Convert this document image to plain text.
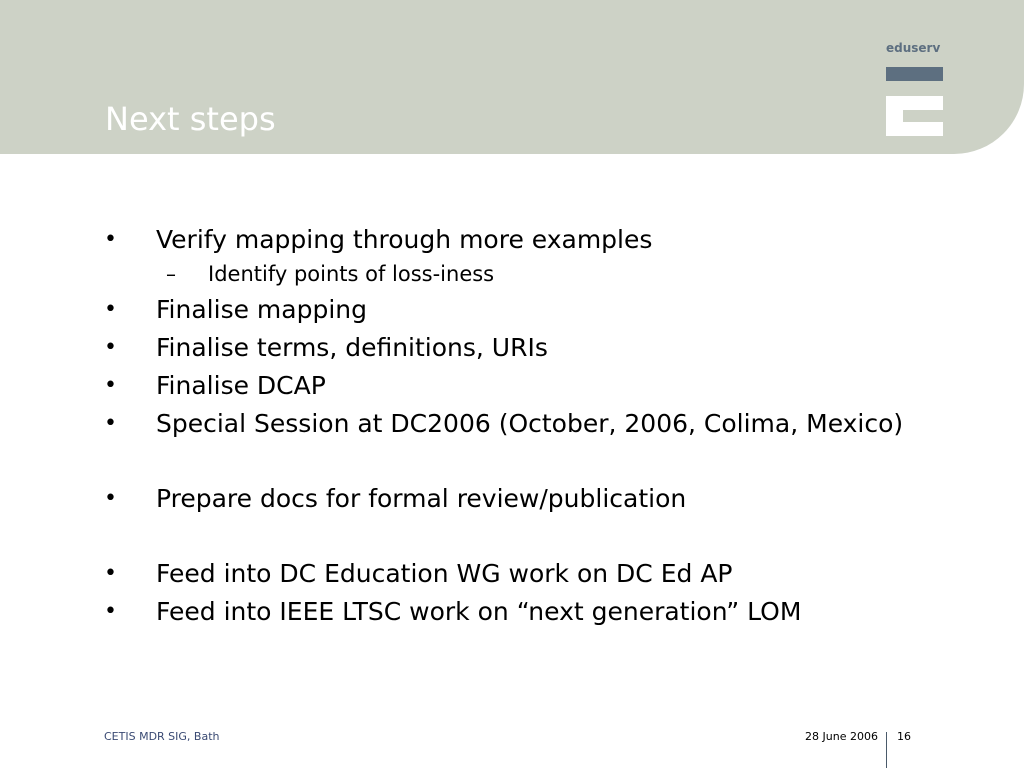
Next steps
eduserv
• Verify mapping through more examples
– Identify points of loss-iness
• Finalise mapping
• Finalise terms, definitions, URIs
• Finalise DCAP
• Special Session at DC2006 (October, 2006, Colima, Mexico)
• Prepare docs for formal review/publication
• Feed into DC Education WG work on DC Ed AP
• Feed into IEEE LTSC work on “next generation” LOM
CETIS MDR SIG, Bath	28 June 2006 16
